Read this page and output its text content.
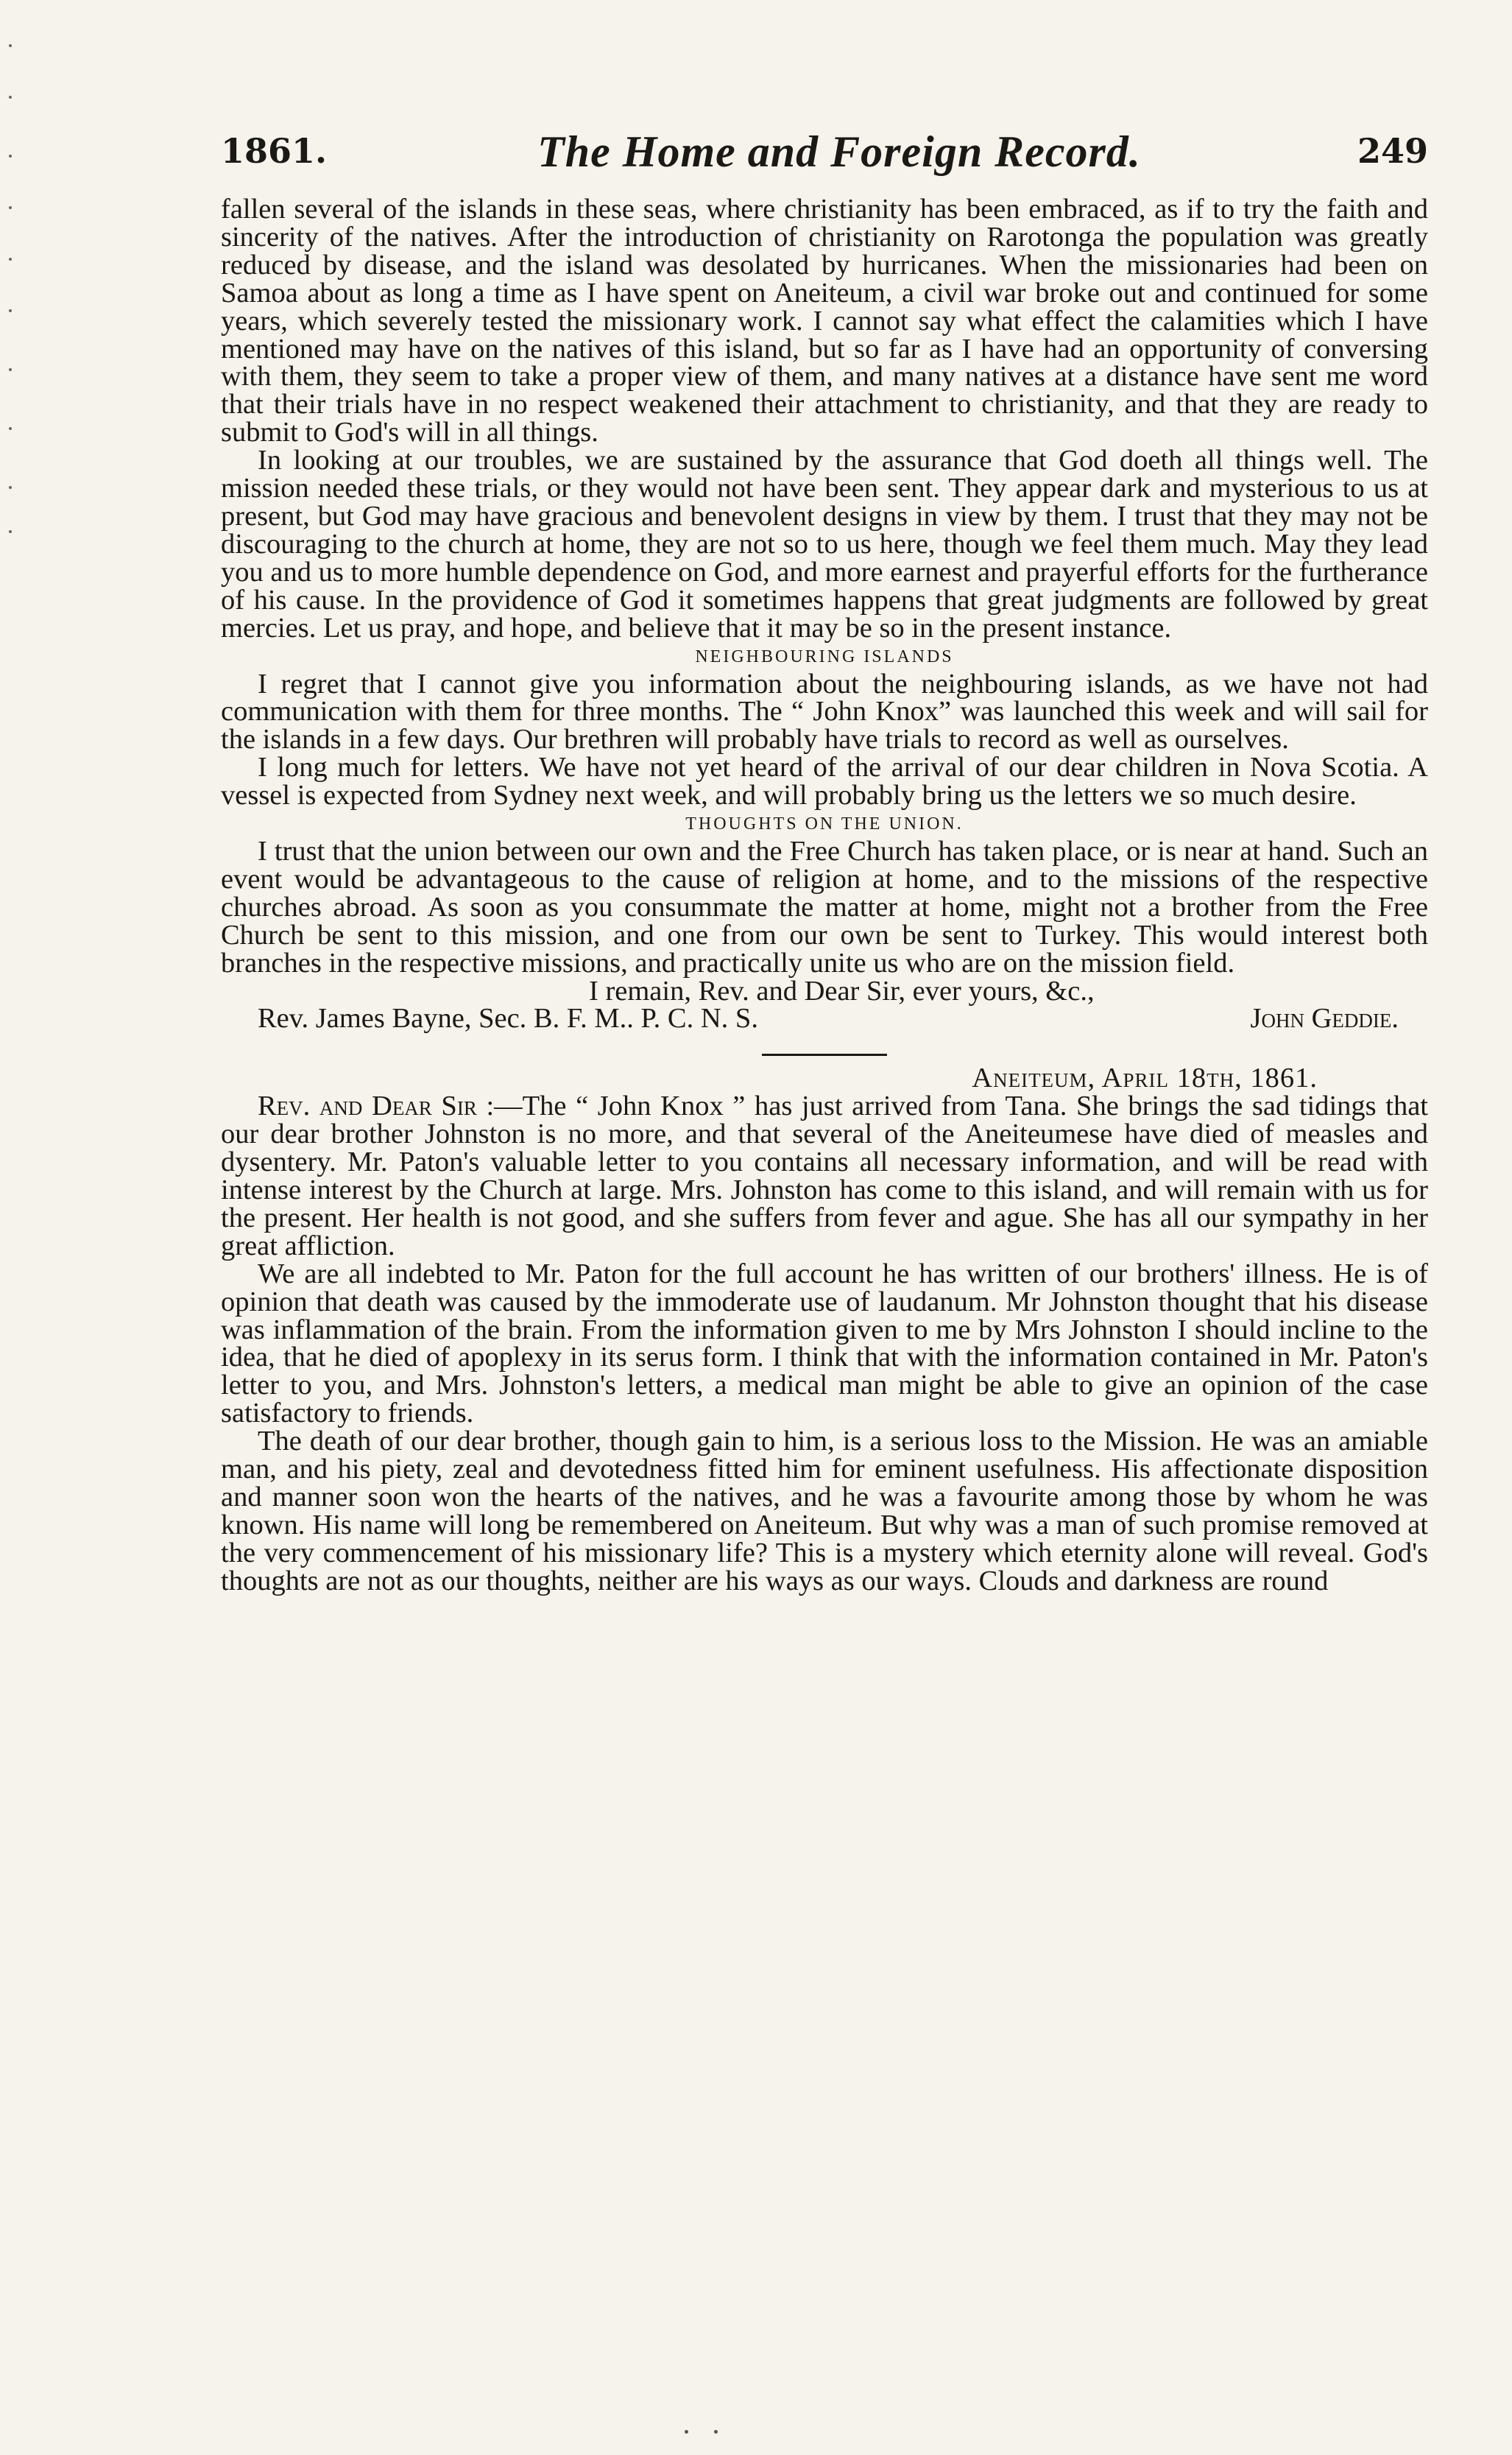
1861.	The Home and Foreign Record.	249

fallen several of the islands in these seas, where christianity has been embraced, as if to try the faith and sincerity of the natives. After the introduction of christianity on Rarotonga the population was greatly reduced by disease, and the island was desolated by hurricanes. When the missionaries had been on Samoa about as long a time as I have spent on Aneiteum, a civil war broke out and continued for some years, which severely tested the missionary work. I cannot say what effect the calamities which I have mentioned may have on the natives of this island, but so far as I have had an opportunity of conversing with them, they seem to take a proper view of them, and many natives at a distance have sent me word that their trials have in no respect weakened their attachment to christianity, and that they are ready to submit to God's will in all things.

In looking at our troubles, we are sustained by the assurance that God doeth all things well. The mission needed these trials, or they would not have been sent. They appear dark and mysterious to us at present, but God may have gracious and benevolent designs in view by them. I trust that they may not be discouraging to the church at home, they are not so to us here, though we feel them much. May they lead you and us to more humble dependence on God, and more earnest and prayerful efforts for the furtherance of his cause. In the providence of God it sometimes happens that great judgments are followed by great mercies. Let us pray, and hope, and believe that it may be so in the present instance.

NEIGHBOURING ISLANDS

I regret that I cannot give you information about the neighbouring islands, as we have not had communication with them for three months. The “ John Knox” was launched this week and will sail for the islands in a few days. Our brethren will probably have trials to record as well as ourselves.

I long much for letters. We have not yet heard of the arrival of our dear children in Nova Scotia. A vessel is expected from Sydney next week, and will probably bring us the letters we so much desire.

THOUGHTS ON THE UNION.

I trust that the union between our own and the Free Church has taken place, or is near at hand. Such an event would be advantageous to the cause of religion at home, and to the missions of the respective churches abroad. As soon as you consummate the matter at home, might not a brother from the Free Church be sent to this mission, and one from our own be sent to Turkey. This would interest both branches in the respective missions, and practically unite us who are on the mission field.

I remain, Rev. and Dear Sir, ever yours, &c.,

Rev. James Bayne, Sec. B. F. M.. P. C. N. S.	John Geddie.
Aneiteum, April 18th, 1861.

Rev. and Dear Sir :—The “ John Knox ” has just arrived from Tana. She brings the sad tidings that our dear brother Johnston is no more, and that several of the Aneiteumese have died of measles and dysentery. Mr. Paton's valuable letter to you contains all necessary information, and will be read with intense interest by the Church at large. Mrs. Johnston has come to this island, and will remain with us for the present. Her health is not good, and she suffers from fever and ague. She has all our sympathy in her great affliction.

We are all indebted to Mr. Paton for the full account he has written of our brothers' illness. He is of opinion that death was caused by the immoderate use of laudanum. Mr Johnston thought that his disease was inflammation of the brain. From the information given to me by Mrs Johnston I should incline to the idea, that he died of apoplexy in its serus form. I think that with the information contained in Mr. Paton's letter to you, and Mrs. Johnston's letters, a medical man might be able to give an opinion of the case satisfactory to friends.

The death of our dear brother, though gain to him, is a serious loss to the Mission. He was an amiable man, and his piety, zeal and devotedness fitted him for eminent usefulness. His affectionate disposition and manner soon won the hearts of the natives, and he was a favourite among those by whom he was known. His name will long be remembered on Aneiteum. But why was a man of such promise removed at the very commencement of his missionary life? This is a mystery which eternity alone will reveal. God's thoughts are not as our thoughts, neither are his ways as our ways. Clouds and darkness are round
